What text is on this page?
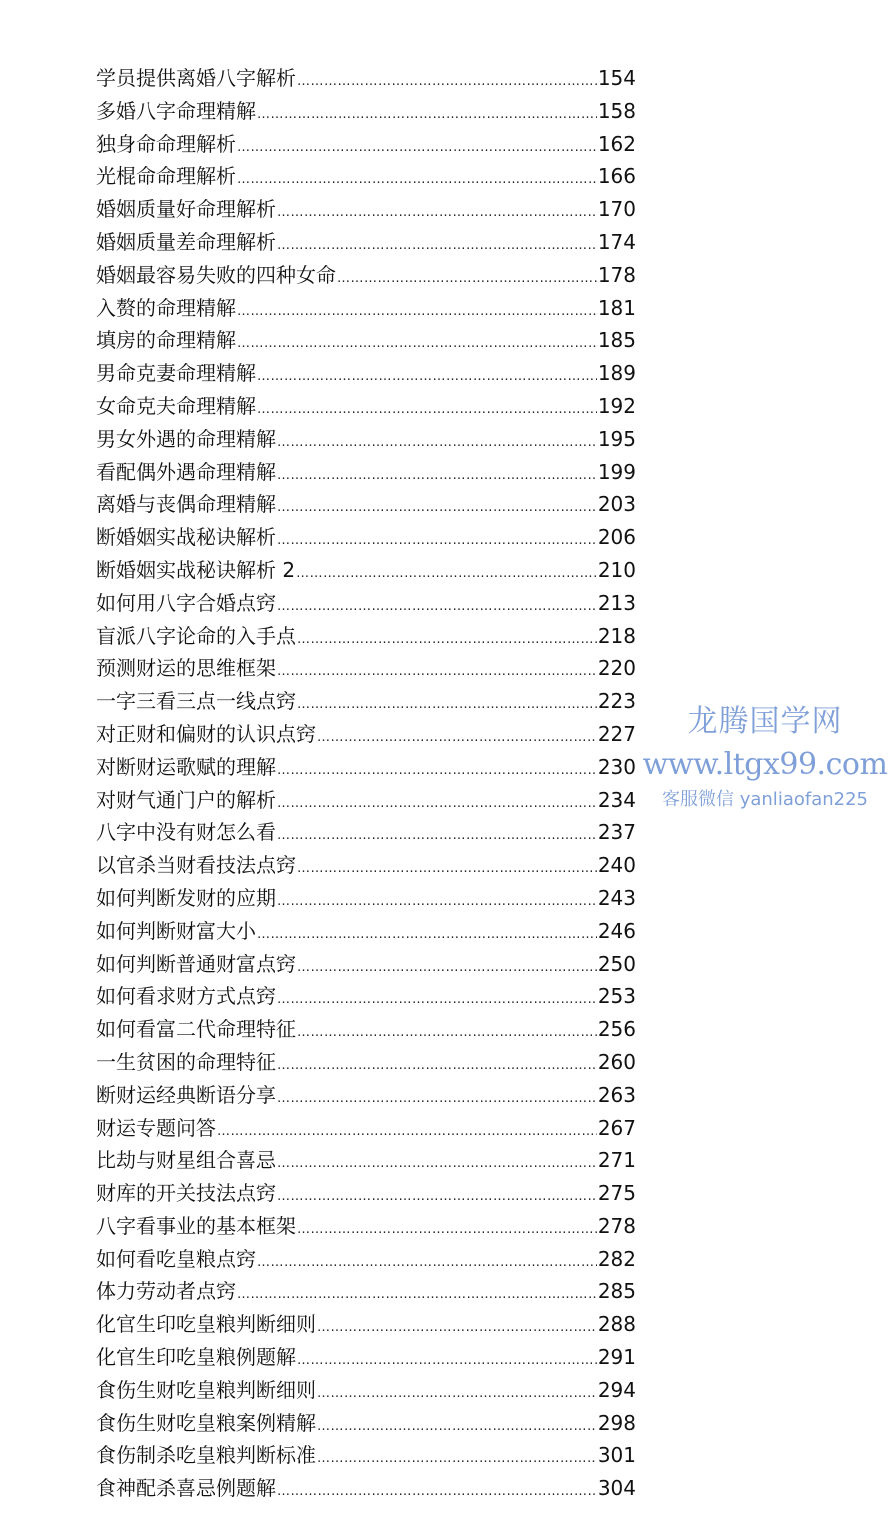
学员提供离婚八字解析 ……………………………………………………………………………………………………………………………………	154
多婚八字命理精解 ……………………………………………………………………………………………………………………………………	158
独身命命理解析 ……………………………………………………………………………………………………………………………………	162
光棍命命理解析 ……………………………………………………………………………………………………………………………………	166
婚姻质量好命理解析 ……………………………………………………………………………………………………………………………………	170
婚姻质量差命理解析 ……………………………………………………………………………………………………………………………………	174
婚姻最容易失败的四种女命 ……………………………………………………………………………………………………………………………………	178
入赘的命理精解 ……………………………………………………………………………………………………………………………………	181
填房的命理精解 ……………………………………………………………………………………………………………………………………	185
男命克妻命理精解 ……………………………………………………………………………………………………………………………………	189
女命克夫命理精解 ……………………………………………………………………………………………………………………………………	192
男女外遇的命理精解 ……………………………………………………………………………………………………………………………………	195
看配偶外遇命理精解 ……………………………………………………………………………………………………………………………………	199
离婚与丧偶命理精解 ……………………………………………………………………………………………………………………………………	203
断婚姻实战秘诀解析 ……………………………………………………………………………………………………………………………………	206
断婚姻实战秘诀解析 2 ……………………………………………………………………………………………………………………………………	210
如何用八字合婚点窍 ……………………………………………………………………………………………………………………………………	213
盲派八字论命的入手点 ……………………………………………………………………………………………………………………………………	218
预测财运的思维框架 ……………………………………………………………………………………………………………………………………	220
一字三看三点一线点窍 ……………………………………………………………………………………………………………………………………	223
对正财和偏财的认识点窍 ……………………………………………………………………………………………………………………………………	227
对断财运歌赋的理解 ……………………………………………………………………………………………………………………………………	230
对财气通门户的解析 ……………………………………………………………………………………………………………………………………	234
八字中没有财怎么看 ……………………………………………………………………………………………………………………………………	237
以官杀当财看技法点窍 ……………………………………………………………………………………………………………………………………	240
如何判断发财的应期 ……………………………………………………………………………………………………………………………………	243
如何判断财富大小 ……………………………………………………………………………………………………………………………………	246
如何判断普通财富点窍 ……………………………………………………………………………………………………………………………………	250
如何看求财方式点窍 ……………………………………………………………………………………………………………………………………	253
如何看富二代命理特征 ……………………………………………………………………………………………………………………………………	256
一生贫困的命理特征 ……………………………………………………………………………………………………………………………………	260
断财运经典断语分享 ……………………………………………………………………………………………………………………………………	263
财运专题问答 ……………………………………………………………………………………………………………………………………	267
比劫与财星组合喜忌 ……………………………………………………………………………………………………………………………………	271
财库的开关技法点窍 ……………………………………………………………………………………………………………………………………	275
八字看事业的基本框架 ……………………………………………………………………………………………………………………………………	278
如何看吃皇粮点窍 ……………………………………………………………………………………………………………………………………	282
体力劳动者点窍 ……………………………………………………………………………………………………………………………………	285
化官生印吃皇粮判断细则 ……………………………………………………………………………………………………………………………………	288
化官生印吃皇粮例题解 ……………………………………………………………………………………………………………………………………	291
食伤生财吃皇粮判断细则 ……………………………………………………………………………………………………………………………………	294
食伤生财吃皇粮案例精解 ……………………………………………………………………………………………………………………………………	298
食伤制杀吃皇粮判断标准 ……………………………………………………………………………………………………………………………………	301
食神配杀喜忌例题解 ……………………………………………………………………………………………………………………………………	304
龙腾国学网
www.ltgx99.com
客服微信 yanliaofan225
